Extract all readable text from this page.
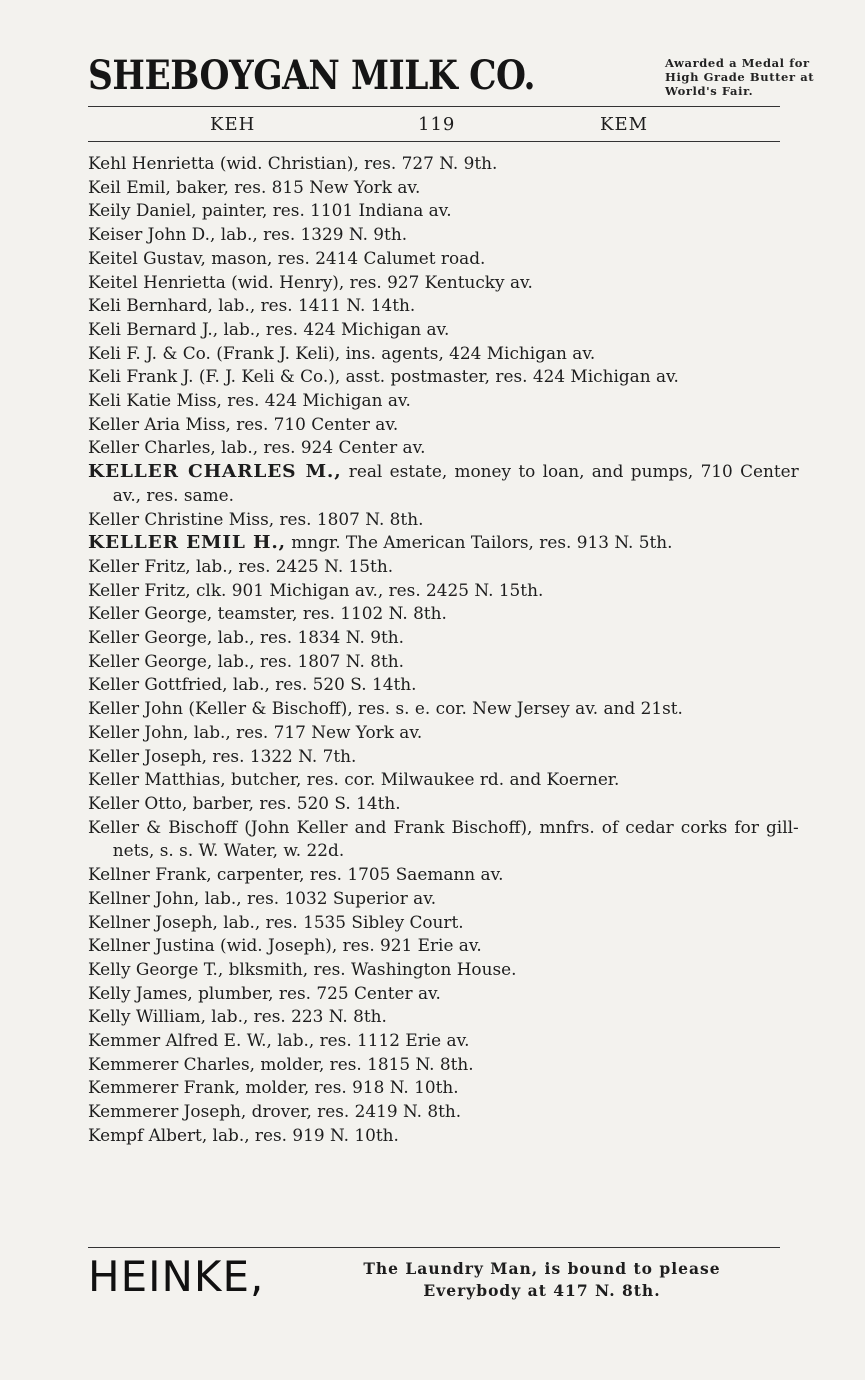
SHEBOYGAN MILK CO.	Awarded a Medal for
High Grade Butter at
World's Fair.
KEH	119	KEM

Kehl Henrietta (wid. Christian), res. 727 N. 9th.

Keil Emil, baker, res. 815 New York av.

Keily Daniel, painter, res. 1101 Indiana av.

Keiser John D., lab., res. 1329 N. 9th.

Keitel Gustav, mason, res. 2414 Calumet road.

Keitel Henrietta (wid. Henry), res. 927 Kentucky av.

Keli Bernhard, lab., res. 1411 N. 14th.

Keli Bernard J., lab., res. 424 Michigan av.

Keli F. J. & Co. (Frank J. Keli), ins. agents, 424 Michigan av.

Keli Frank J. (F. J. Keli & Co.), asst. postmaster, res. 424 Michigan av.

Keli Katie Miss, res. 424 Michigan av.

Keller Aria Miss, res. 710 Center av.

Keller Charles, lab., res. 924 Center av.

KELLER CHARLES M., real estate, money to loan, and pumps, 710 Center av., res. same.

Keller Christine Miss, res. 1807 N. 8th.

KELLER EMIL H., mngr. The American Tailors, res. 913 N. 5th.

Keller Fritz, lab., res. 2425 N. 15th.

Keller Fritz, clk. 901 Michigan av., res. 2425 N. 15th.

Keller George, teamster, res. 1102 N. 8th.

Keller George, lab., res. 1834 N. 9th.

Keller George, lab., res. 1807 N. 8th.

Keller Gottfried, lab., res. 520 S. 14th.

Keller John (Keller & Bischoff), res. s. e. cor. New Jersey av. and 21st.

Keller John, lab., res. 717 New York av.

Keller Joseph, res. 1322 N. 7th.

Keller Matthias, butcher, res. cor. Milwaukee rd. and Koerner.

Keller Otto, barber, res. 520 S. 14th.

Keller & Bischoff (John Keller and Frank Bischoff), mnfrs. of cedar corks for gill-nets, s. s. W. Water, w. 22d.

Kellner Frank, carpenter, res. 1705 Saemann av.

Kellner John, lab., res. 1032 Superior av.

Kellner Joseph, lab., res. 1535 Sibley Court.

Kellner Justina (wid. Joseph), res. 921 Erie av.

Kelly George T., blksmith, res. Washington House.

Kelly James, plumber, res. 725 Center av.

Kelly William, lab., res. 223 N. 8th.

Kemmer Alfred E. W., lab., res. 1112 Erie av.

Kemmerer Charles, molder, res. 1815 N. 8th.

Kemmerer Frank, molder, res. 918 N. 10th.

Kemmerer Joseph, drover, res. 2419 N. 8th.

Kempf Albert, lab., res. 919 N. 10th.

HEINKE,	The Laundry Man, is bound to please
Everybody at 417 N. 8th.
